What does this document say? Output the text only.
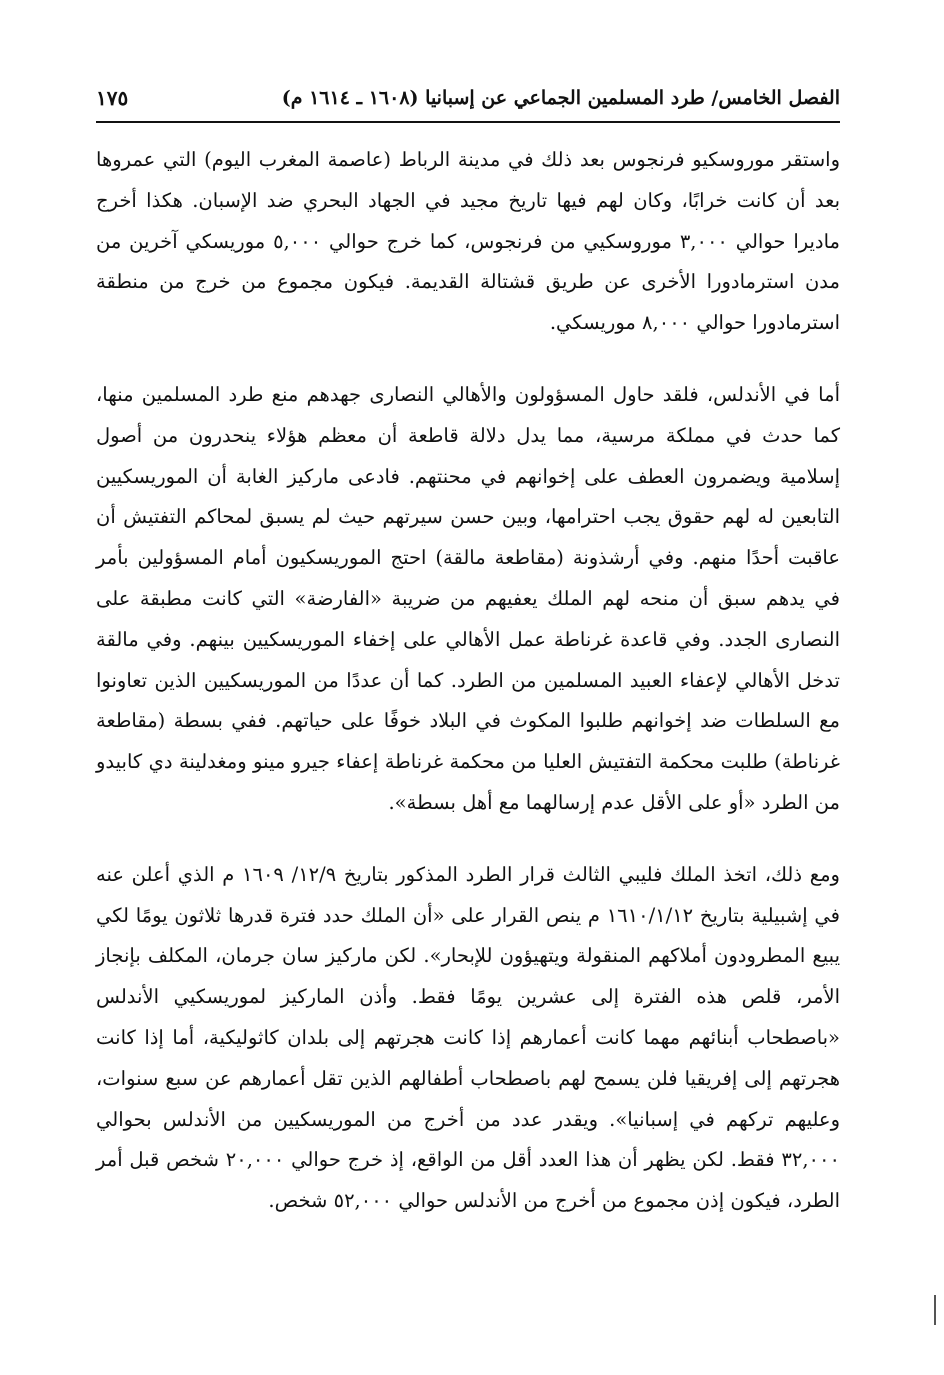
الفصل الخامس/ طرد المسلمين الجماعي عن إسبانيا (١٦٠٨ ـ ١٦١٤ م)
١٧٥

واستقر موروسكيو فرنجوس بعد ذلك في مدينة الرباط (عاصمة المغرب اليوم) التي عمروها بعد أن كانت خرابًا، وكان لهم فيها تاريخ مجيد في الجهاد البحري ضد الإسبان. هكذا أخرج ماديرا حوالي ٣,٠٠٠ موروسكيي من فرنجوس، كما خرج حوالي ٥,٠٠٠ موريسكي آخرين من مدن استرمادورا الأخرى عن طريق قشتالة القديمة. فيكون مجموع من خرج من منطقة استرمادورا حوالي ٨,٠٠٠ موريسكي.

أما في الأندلس، فلقد حاول المسؤولون والأهالي النصارى جهدهم منع طرد المسلمين منها، كما حدث في مملكة مرسية، مما يدل دلالة قاطعة أن معظم هؤلاء ينحدرون من أصول إسلامية ويضمرون العطف على إخوانهم في محنتهم. فادعى ماركيز الغابة أن الموريسكيين التابعين له لهم حقوق يجب احترامها، وبين حسن سيرتهم حيث لم يسبق لمحاكم التفتيش أن عاقبت أحدًا منهم. وفي أرشذونة (مقاطعة مالقة) احتج الموريسكيون أمام المسؤولين بأمر في يدهم سبق أن منحه لهم الملك يعفيهم من ضريبة «الفارضة» التي كانت مطبقة على النصارى الجدد. وفي قاعدة غرناطة عمل الأهالي على إخفاء الموريسكيين بينهم. وفي مالقة تدخل الأهالي لإعفاء العبيد المسلمين من الطرد. كما أن عددًا من الموريسكيين الذين تعاونوا مع السلطات ضد إخوانهم طلبوا المكوث في البلاد خوفًا على حياتهم. ففي بسطة (مقاطعة غرناطة) طلبت محكمة التفتيش العليا من محكمة غرناطة إعفاء جيرو مينو ومغدلينة دي كابيدو من الطرد «أو على الأقل عدم إرسالهما مع أهل بسطة».

ومع ذلك، اتخذ الملك فليبي الثالث قرار الطرد المذكور بتاريخ ١٢/٩/ ١٦٠٩ م الذي أعلن عنه في إشبيلية بتاريخ ١٦١٠/١/١٢ م ينص القرار على «أن الملك حدد فترة قدرها ثلاثون يومًا لكي يبيع المطرودون أملاكهم المنقولة ويتهيؤون للإبحار». لكن ماركيز سان جرمان، المكلف بإنجاز الأمر، قلص هذه الفترة إلى عشرين يومًا فقط. وأذن الماركيز لموريسكيي الأندلس «باصطحاب أبنائهم مهما كانت أعمارهم إذا كانت هجرتهم إلى بلدان كاثوليكية، أما إذا كانت هجرتهم إلى إفريقيا فلن يسمح لهم باصطحاب أطفالهم الذين تقل أعمارهم عن سبع سنوات، وعليهم تركهم في إسبانيا». ويقدر عدد من أخرج من الموريسكيين من الأندلس بحوالي ٣٢,٠٠٠ فقط. لكن يظهر أن هذا العدد أقل من الواقع، إذ خرج حوالي ٢٠,٠٠٠ شخص قبل أمر الطرد، فيكون إذن مجموع من أخرج من الأندلس حوالي ٥٢,٠٠٠ شخص.
